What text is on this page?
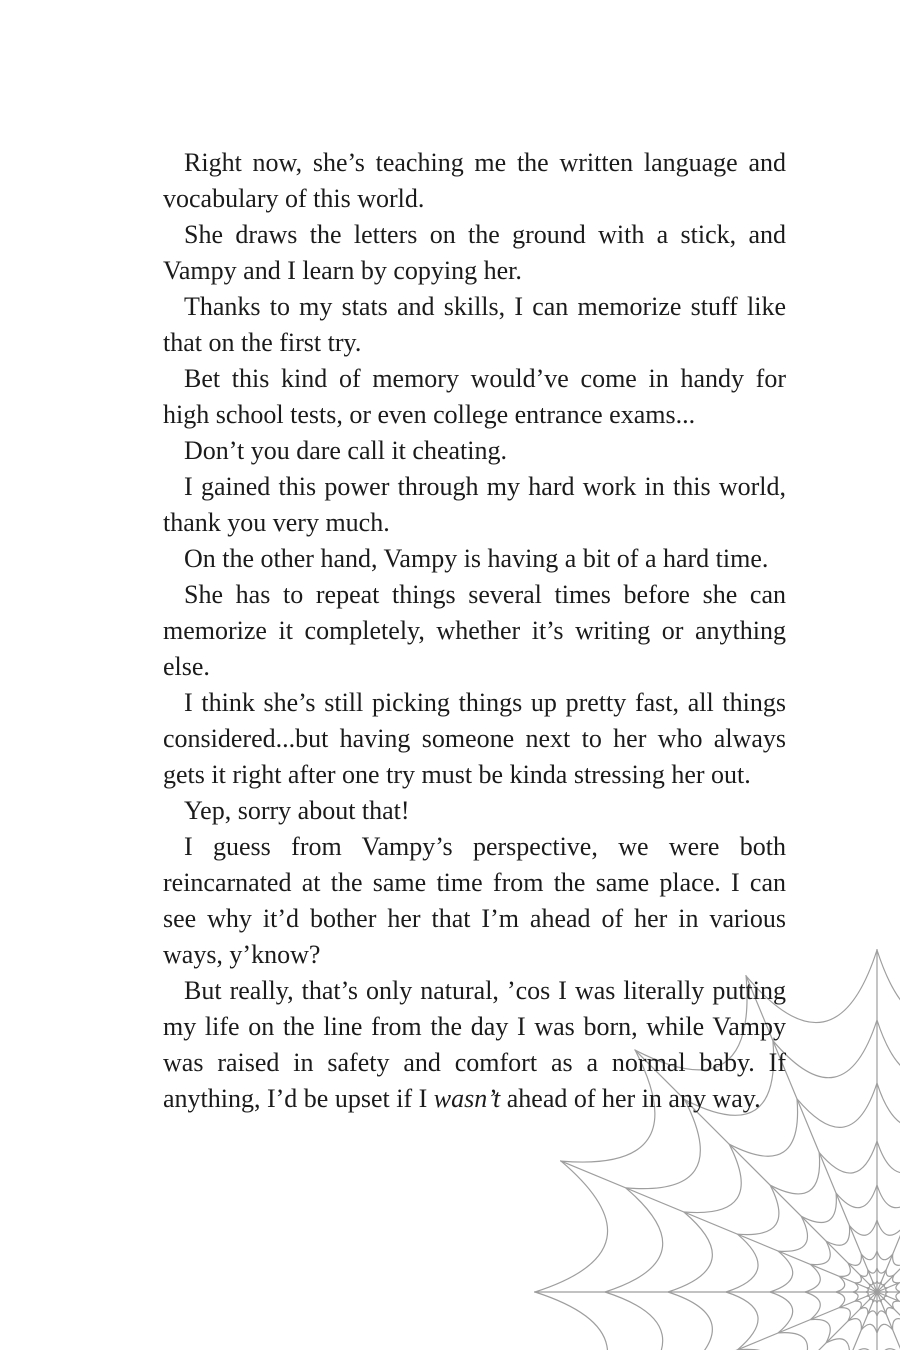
Right now, she’s teaching me the written language and vocabulary of this world.

She draws the letters on the ground with a stick, and Vampy and I learn by copying her.

Thanks to my stats and skills, I can memorize stuff like that on the first try.

Bet this kind of memory would’ve come in handy for high school tests, or even college entrance exams...

Don’t you dare call it cheating.

I gained this power through my hard work in this world, thank you very much.

On the other hand, Vampy is having a bit of a hard time.

She has to repeat things several times before she can memorize it completely, whether it’s writing or anything else.

I think she’s still picking things up pretty fast, all things considered...but having someone next to her who always gets it right after one try must be kinda stressing her out.

Yep, sorry about that!

I guess from Vampy’s perspective, we were both reincarnated at the same time from the same place. I can see why it’d bother her that I’m ahead of her in various ways, y’know?

But really, that’s only natural, ’cos I was literally putting my life on the line from the day I was born, while Vampy was raised in safety and comfort as a normal baby. If anything, I’d be upset if I wasn’t ahead of her in any way.
